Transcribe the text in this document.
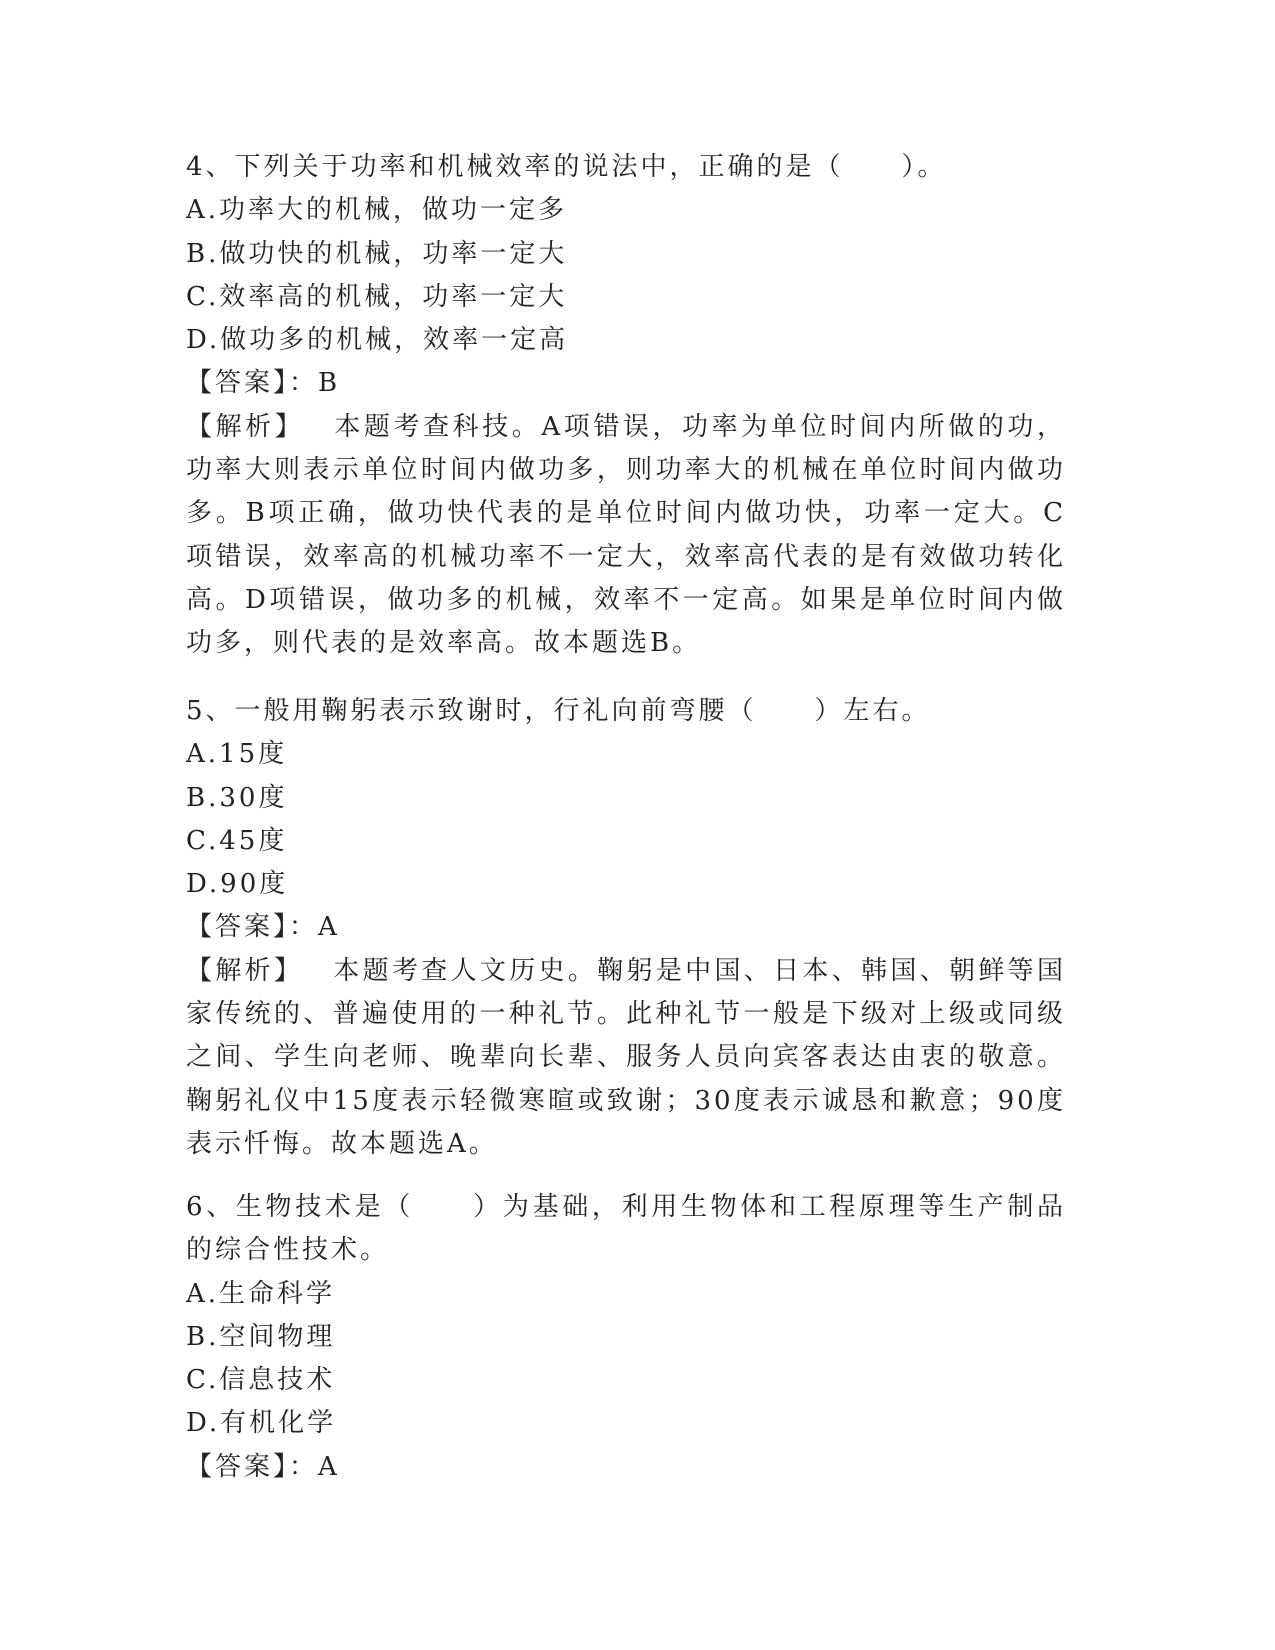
4、下列关于功率和机械效率的说法中，正确的是（　　）。

A.功率大的机械，做功一定多

B.做功快的机械，功率一定大

C.效率高的机械，功率一定大

D.做功多的机械，效率一定高

【答案】：B

【解析】 本题考查科技。A项错误，功率为单位时间内所做的功，功率大则表示单位时间内做功多，则功率大的机械在单位时间内做功多。B项正确，做功快代表的是单位时间内做功快，功率一定大。C项错误，效率高的机械功率不一定大，效率高代表的是有效做功转化高。D项错误，做功多的机械，效率不一定高。如果是单位时间内做功多，则代表的是效率高。故本题选B。

5、一般用鞠躬表示致谢时，行礼向前弯腰（　　）左右。

A.15度

B.30度

C.45度

D.90度

【答案】：A

【解析】 本题考查人文历史。鞠躬是中国、日本、韩国、朝鲜等国家传统的、普遍使用的一种礼节。此种礼节一般是下级对上级或同级之间、学生向老师、晚辈向长辈、服务人员向宾客表达由衷的敬意。鞠躬礼仪中15度表示轻微寒暄或致谢；30度表示诚恳和歉意；90度表示忏悔。故本题选A。

6、生物技术是（　　）为基础，利用生物体和工程原理等生产制品的综合性技术。

A.生命科学

B.空间物理

C.信息技术

D.有机化学

【答案】：A
